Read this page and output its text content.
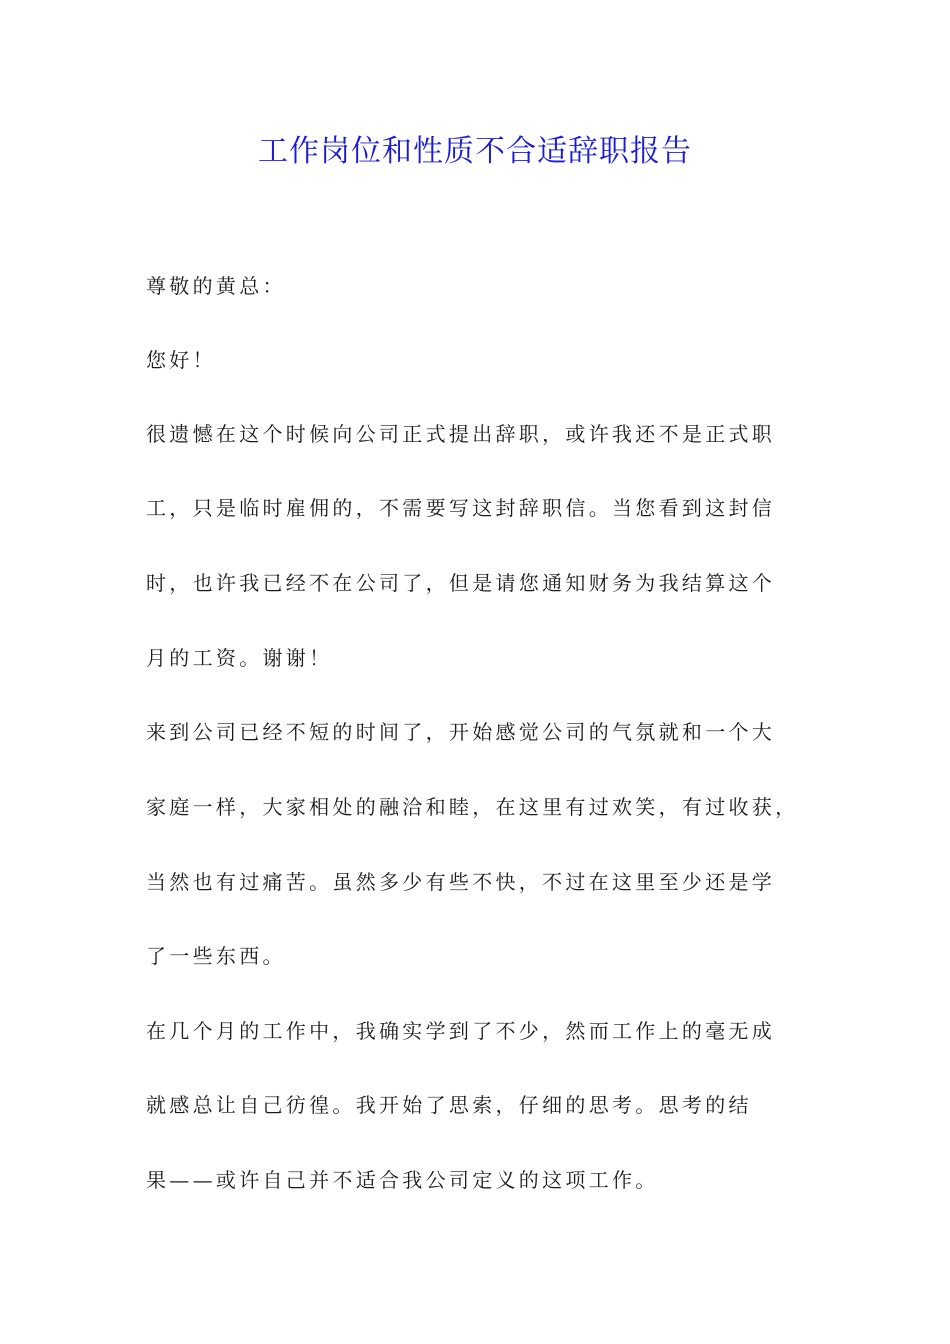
工作岗位和性质不合适辞职报告

尊敬的黄总：

您好！

很遗憾在这个时候向公司正式提出辞职，或许我还不是正式职

工，只是临时雇佣的，不需要写这封辞职信。当您看到这封信

时，也许我已经不在公司了，但是请您通知财务为我结算这个

月的工资。谢谢！

来到公司已经不短的时间了，开始感觉公司的气氛就和一个大

家庭一样，大家相处的融洽和睦，在这里有过欢笑，有过收获，

当然也有过痛苦。虽然多少有些不快，不过在这里至少还是学

了一些东西。

在几个月的工作中，我确实学到了不少，然而工作上的毫无成

就感总让自己彷徨。我开始了思索，仔细的思考。思考的结

果——或许自己并不适合我公司定义的这项工作。
